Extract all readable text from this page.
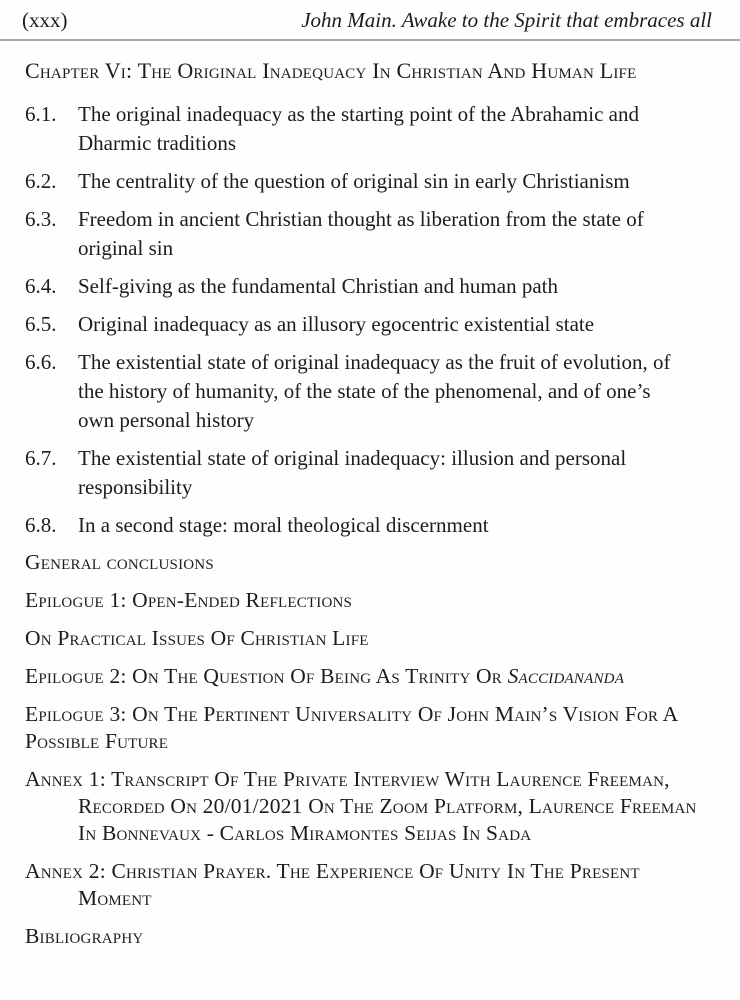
(xxx)	John Main. Awake to the Spirit that embraces all
Chapter Vi: The Original Inadequacy In Christian And Human Life
6.1.	The original inadequacy as the starting point of the Abrahamic and Dharmic traditions
6.2.	The centrality of the question of original sin in early Christianism
6.3.	Freedom in ancient Christian thought as liberation from the state of original sin
6.4.	Self-giving as the fundamental Christian and human path
6.5.	Original inadequacy as an illusory egocentric existential state
6.6.	The existential state of original inadequacy as the fruit of evolution, of the history of humanity, of the state of the phenomenal, and of one’s own personal history
6.7.	The existential state of original inadequacy: illusion and personal responsibility
6.8.	In a second stage: moral theological discernment

General conclusions

Epilogue 1: Open-Ended Reflections

On Practical Issues Of Christian Life

Epilogue 2: On The Question Of Being As Trinity Or Saccidananda

Epilogue 3: On The Pertinent Universality Of John Main’s Vision For A Possible Future

Annex 1: Transcript Of The Private Interview With Laurence Freeman, Recorded On 20/01/2021 On The Zoom Platform, Laurence Freeman In Bonnevaux - Carlos Miramontes Seijas In Sada

Annex 2: Christian Prayer. The Experience Of Unity In The Present Moment

Bibliography
